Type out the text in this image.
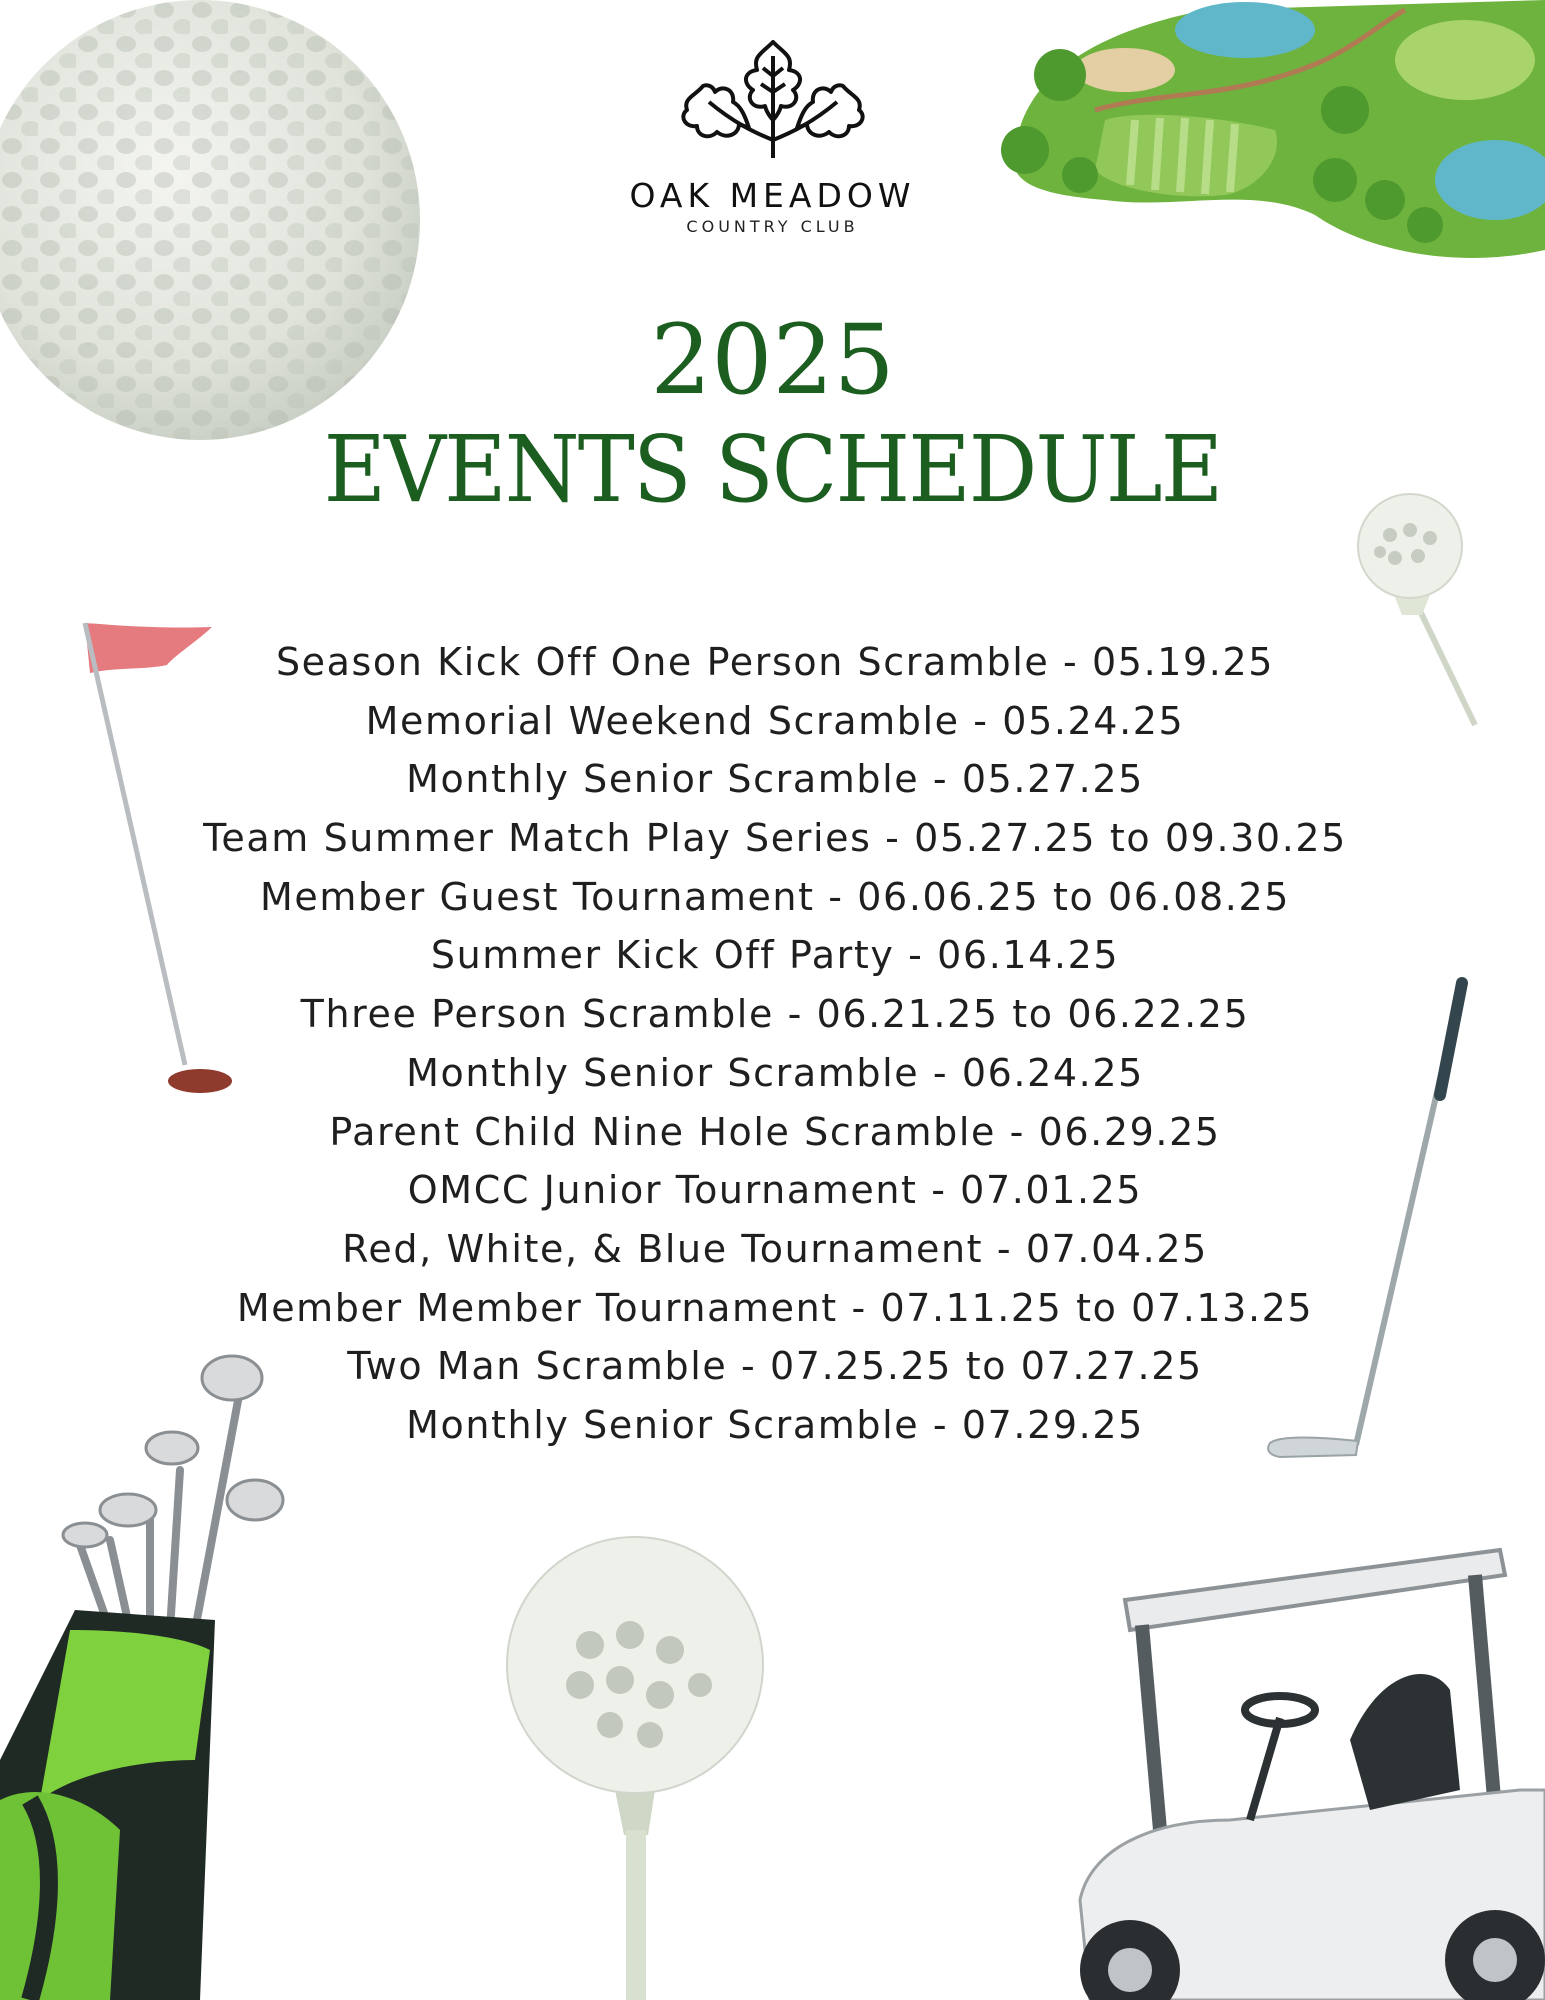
OAK MEADOW
COUNTRY CLUB
2025
EVENTS SCHEDULE
Season Kick Off One Person Scramble - 05.19.25
Memorial Weekend Scramble - 05.24.25
Monthly Senior Scramble - 05.27.25
Team Summer Match Play Series - 05.27.25 to 09.30.25
Member Guest Tournament - 06.06.25 to 06.08.25
Summer Kick Off Party - 06.14.25
Three Person Scramble - 06.21.25 to 06.22.25
Monthly Senior Scramble - 06.24.25
Parent Child Nine Hole Scramble - 06.29.25
OMCC Junior Tournament - 07.01.25
Red, White, & Blue Tournament - 07.04.25
Member Member Tournament - 07.11.25 to 07.13.25
Two Man Scramble - 07.25.25 to 07.27.25
Monthly Senior Scramble - 07.29.25
